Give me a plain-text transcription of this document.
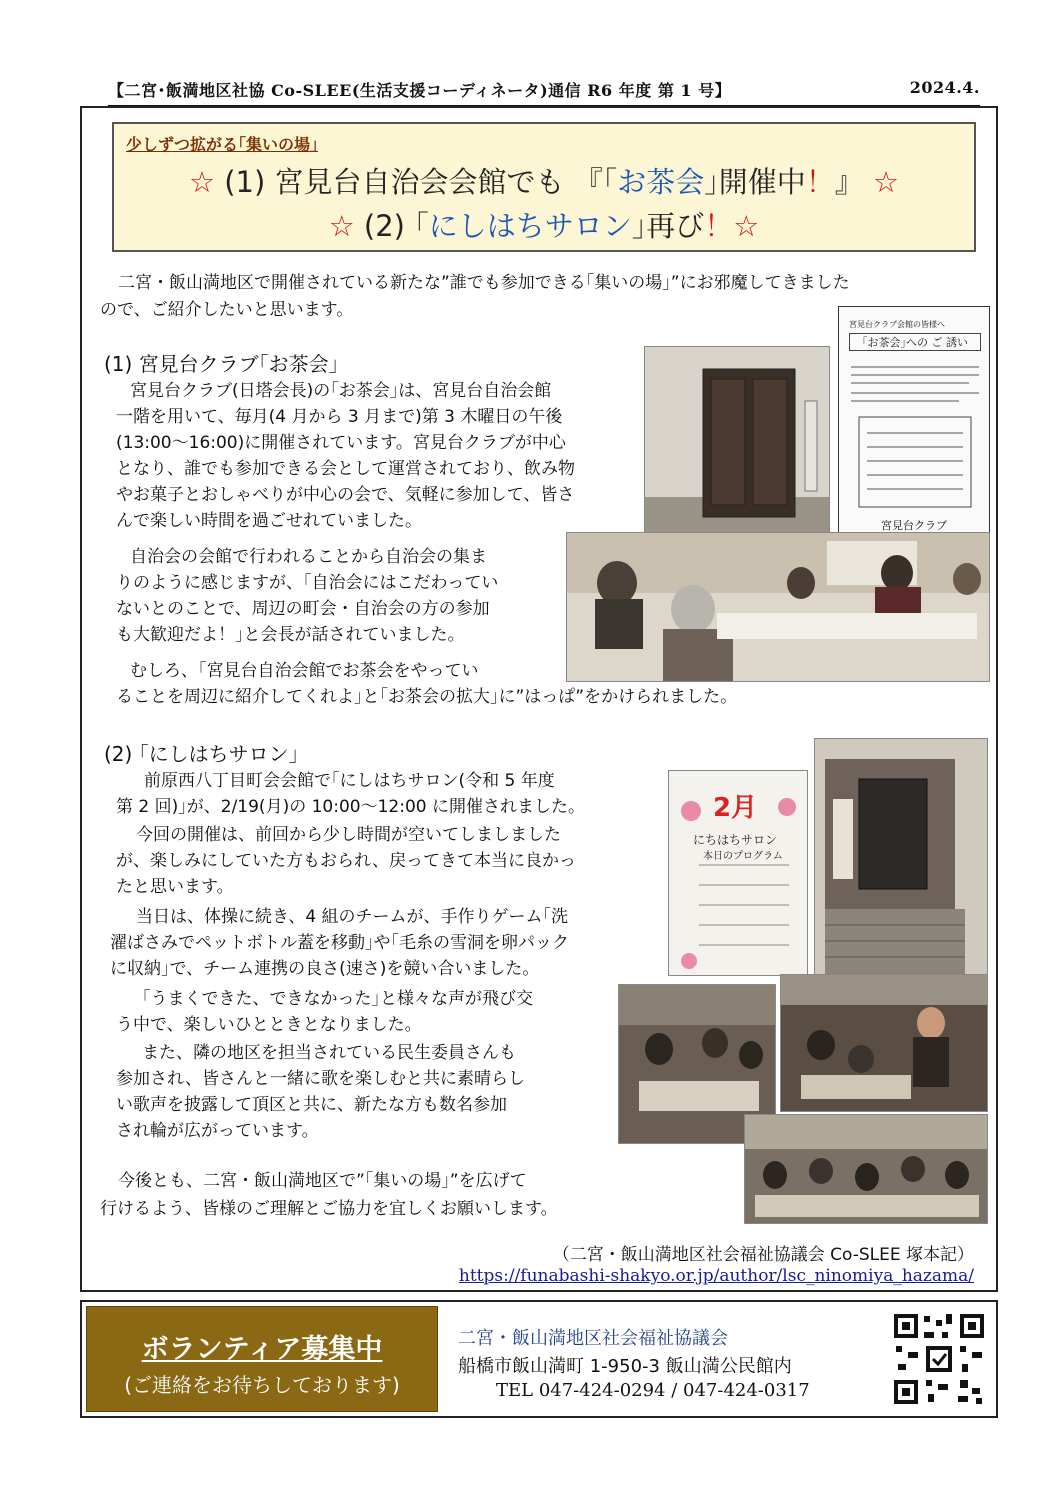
【二宮･飯満地区社協 Co-SLEE(生活支援コーディネータ)通信 R6 年度 第 1 号】	2024.4.
少しずつ拡がる｢集いの場｣
☆ (1) 宮見台自治会会館でも 『｢お茶会｣開催中！』 ☆
☆ (2) ｢にしはちサロン｣再び！☆

二宮・飯山満地区で開催されている新たな”誰でも参加できる｢集いの場｣”にお邪魔してきました

ので、ご紹介したいと思います。

(1) 宮見台クラブ｢お茶会｣

宮見台クラブ(日塔会長)の｢お茶会｣は、宮見台自治会館

一階を用いて、毎月(4 月から 3 月まで)第 3 木曜日の午後

(13:00～16:00)に開催されています。宮見台クラブが中心

となり、誰でも参加できる会として運営されており、飲み物

やお菓子とおしゃべりが中心の会で、気軽に参加して、皆さ

んで楽しい時間を過ごせれていました。

自治会の会館で行われることから自治会の集ま

りのように感じますが、｢自治会にはこだわってい

ないとのことで、周辺の町会・自治会の方の参加

も大歓迎だよ！｣と会長が話されていました。

むしろ、｢宮見台自治会館でお茶会をやってい

ることを周辺に紹介してくれよ｣と｢お茶会の拡大｣に”はっぱ”をかけられました。

宮見台クラブ会館の皆様へ
｢お茶会｣への ご 誘い
宮見台クラブ
(2) ｢にしはちサロン｣

前原西八丁目町会会館で｢にしはちサロン(令和 5 年度

第 2 回)｣が、2/19(月)の 10:00～12:00 に開催されました。

今回の開催は、前回から少し時間が空いてしましました

が、楽しみにしていた方もおられ、戻ってきて本当に良かっ

たと思います。

当日は、体操に続き、4 組のチームが、手作りゲーム｢洗

濯ばさみでペットボトル蓋を移動｣や｢毛糸の雪洞を卵パック

に収納｣で、チーム連携の良さ(速さ)を競い合いました。

｢うまくできた、できなかった｣と様々な声が飛び交

う中で、楽しいひとときとなりました。

また、隣の地区を担当されている民生委員さんも

参加され、皆さんと一緒に歌を楽しむと共に素晴らし

い歌声を披露して頂区と共に、新たな方も数名参加

され輪が広がっています。

2月
にちはちサロン
本日のプログラム

今後とも、二宮・飯山満地区で”｢集いの場｣”を広げて

行けるよう、皆様のご理解とご協力を宜しくお願いします。

（二宮・飯山満地区社会福祉協議会 Co-SLEE 塚本記）
https://funabashi-shakyo.or.jp/author/lsc_ninomiya_hazama/
ボランティア募集中
(ご連絡をお待ちしております)
二宮・飯山満地区社会福祉協議会
船橋市飯山満町 1-950-3 飯山満公民館内
TEL 047-424-0294 / 047-424-0317
